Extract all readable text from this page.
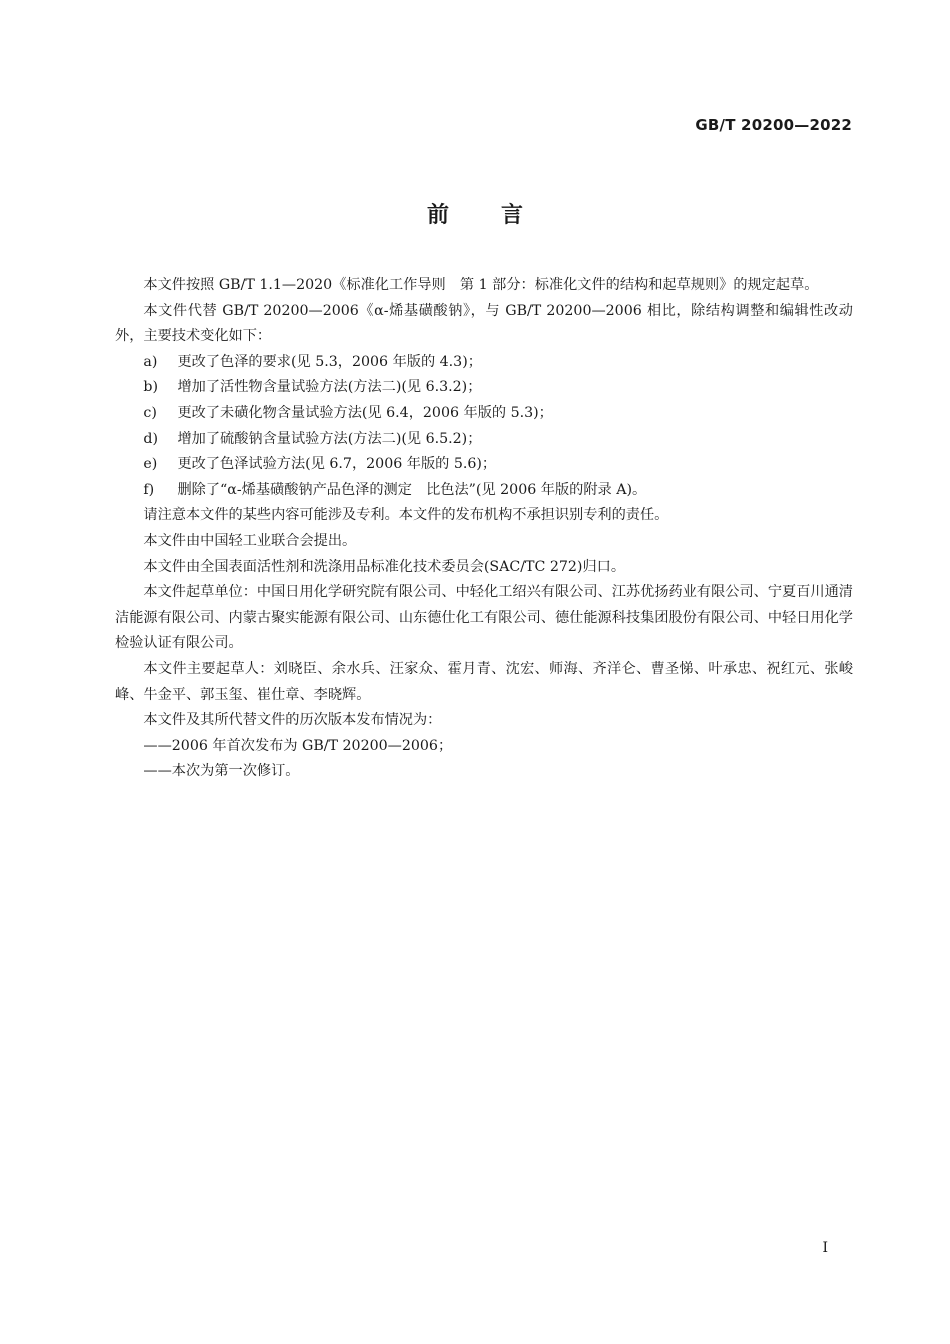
GB/T 20200—2022
前言

本文件按照 GB/T 1.1—2020《标准化工作导则　第 1 部分：标准化文件的结构和起草规则》的规定起草。

本文件代替 GB/T 20200—2006《α-烯基磺酸钠》，与 GB/T 20200—2006 相比，除结构调整和编辑性改动外，主要技术变化如下：

a) 更改了色泽的要求(见 5.3，2006 年版的 4.3)；

b) 增加了活性物含量试验方法(方法二)(见 6.3.2)；

c) 更改了未磺化物含量试验方法(见 6.4，2006 年版的 5.3)；

d) 增加了硫酸钠含量试验方法(方法二)(见 6.5.2)；

e) 更改了色泽试验方法(见 6.7，2006 年版的 5.6)；

f) 删除了“α-烯基磺酸钠产品色泽的测定　比色法”(见 2006 年版的附录 A)。

请注意本文件的某些内容可能涉及专利。本文件的发布机构不承担识别专利的责任。

本文件由中国轻工业联合会提出。

本文件由全国表面活性剂和洗涤用品标准化技术委员会(SAC/TC 272)归口。

本文件起草单位：中国日用化学研究院有限公司、中轻化工绍兴有限公司、江苏优扬药业有限公司、宁夏百川通清洁能源有限公司、内蒙古聚实能源有限公司、山东德仕化工有限公司、德仕能源科技集团股份有限公司、中轻日用化学检验认证有限公司。

本文件主要起草人：刘晓臣、余水兵、汪家众、霍月青、沈宏、师海、齐洋仑、曹圣悌、叶承忠、祝红元、张峻峰、牛金平、郭玉玺、崔仕章、李晓辉。

本文件及其所代替文件的历次版本发布情况为：

——2006 年首次发布为 GB/T 20200—2006；

——本次为第一次修订。

I
